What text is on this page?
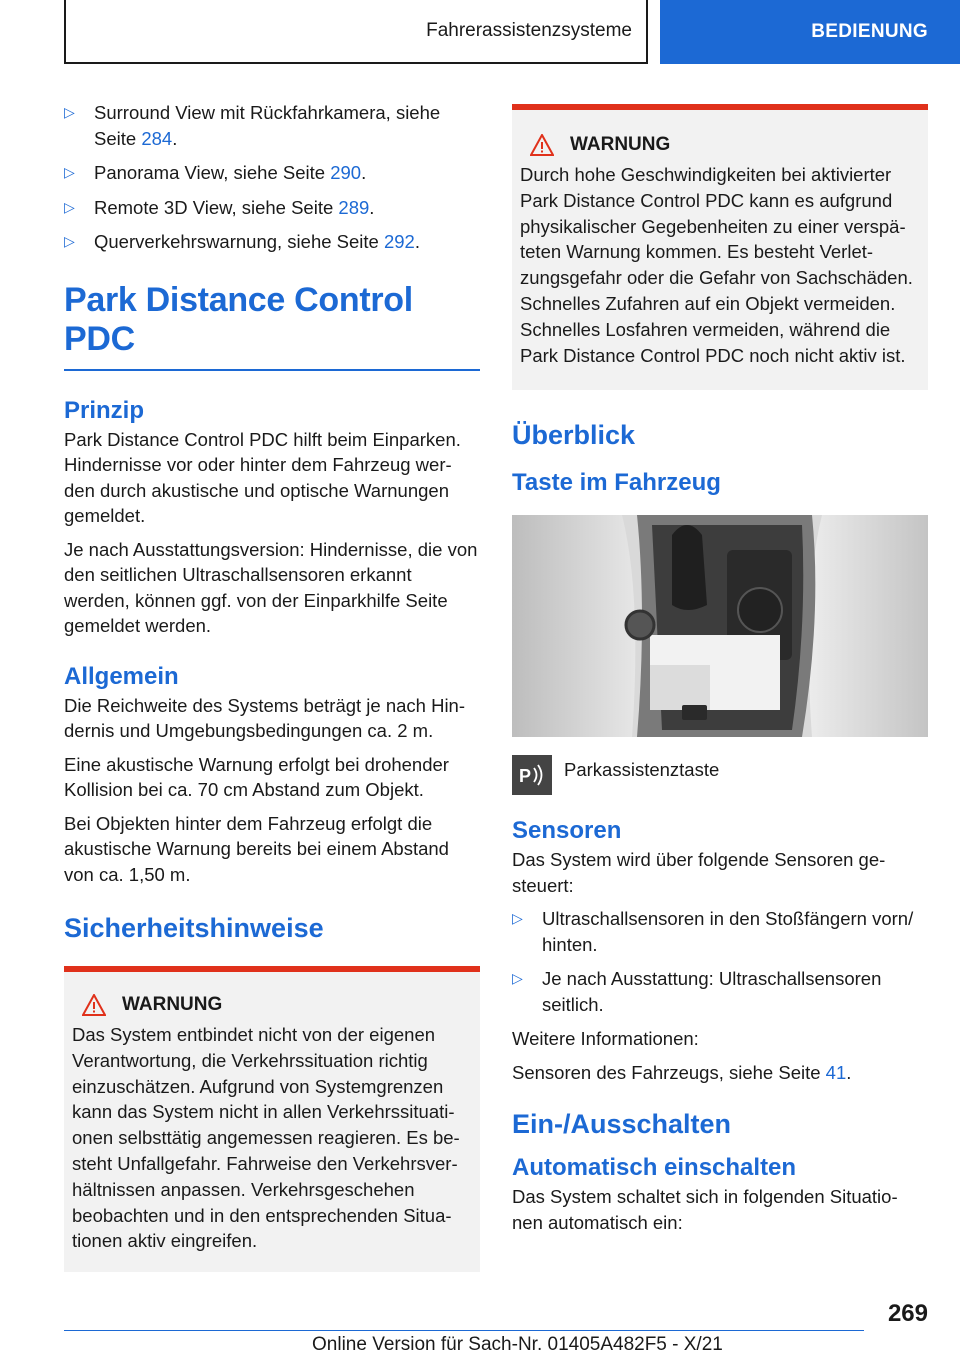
Fahrerassistenzsysteme	BEDIENUNG
▷ Surround View mit Rückfahrkamera, siehe Seite 284.
▷ Panorama View, siehe Seite 290.
▷ Remote 3D View, siehe Seite 289.
▷ Querverkehrswarnung, siehe Seite 292.
Park Distance Control PDC
Prinzip

Park Distance Control PDC hilft beim Einparken. Hindernisse vor oder hinter dem Fahrzeug wer-den durch akustische und optische Warnungen gemeldet.

Je nach Ausstattungsversion: Hindernisse, die von den seitlichen Ultraschallsensoren erkannt werden, können ggf. von der Einparkhilfe Seite gemeldet werden.

Allgemein

Die Reichweite des Systems beträgt je nach Hin-dernis und Umgebungsbedingungen ca. 2 m.

Eine akustische Warnung erfolgt bei drohender Kollision bei ca. 70 cm Abstand zum Objekt.

Bei Objekten hinter dem Fahrzeug erfolgt die akustische Warnung bereits bei einem Abstand von ca. 1,50 m.

Sicherheitshinweise
WARNUNG

Das System entbindet nicht von der eigenen Verantwortung, die Verkehrssituation richtig einzuschätzen. Aufgrund von Systemgrenzen kann das System nicht in allen Verkehrssituati-onen selbsttätig angemessen reagieren. Es be-steht Unfallgefahr. Fahrweise den Verkehrsver-hältnissen anpassen. Verkehrsgeschehen beobachten und in den entsprechenden Situa-tionen aktiv eingreifen.

WARNUNG

Durch hohe Geschwindigkeiten bei aktivierter Park Distance Control PDC kann es aufgrund physikalischer Gegebenheiten zu einer verspä-teten Warnung kommen. Es besteht Verlet-zungsgefahr oder die Gefahr von Sachschäden. Schnelles Zufahren auf ein Objekt vermeiden. Schnelles Losfahren vermeiden, während die Park Distance Control PDC noch nicht aktiv ist.

Überblick
Taste im Fahrzeug
P Parkassistenztaste

Sensoren

Das System wird über folgende Sensoren ge-steuert:

▷ Ultraschallsensoren in den Stoßfängern vorn/ hinten.
▷ Je nach Ausstattung: Ultraschallsensoren seitlich.

Weitere Informationen:

Sensoren des Fahrzeugs, siehe Seite 41.

Ein-/Ausschalten
Automatisch einschalten

Das System schaltet sich in folgenden Situatio-nen automatisch ein:

269
Online Version für Sach-Nr. 01405A482F5 - X/21
